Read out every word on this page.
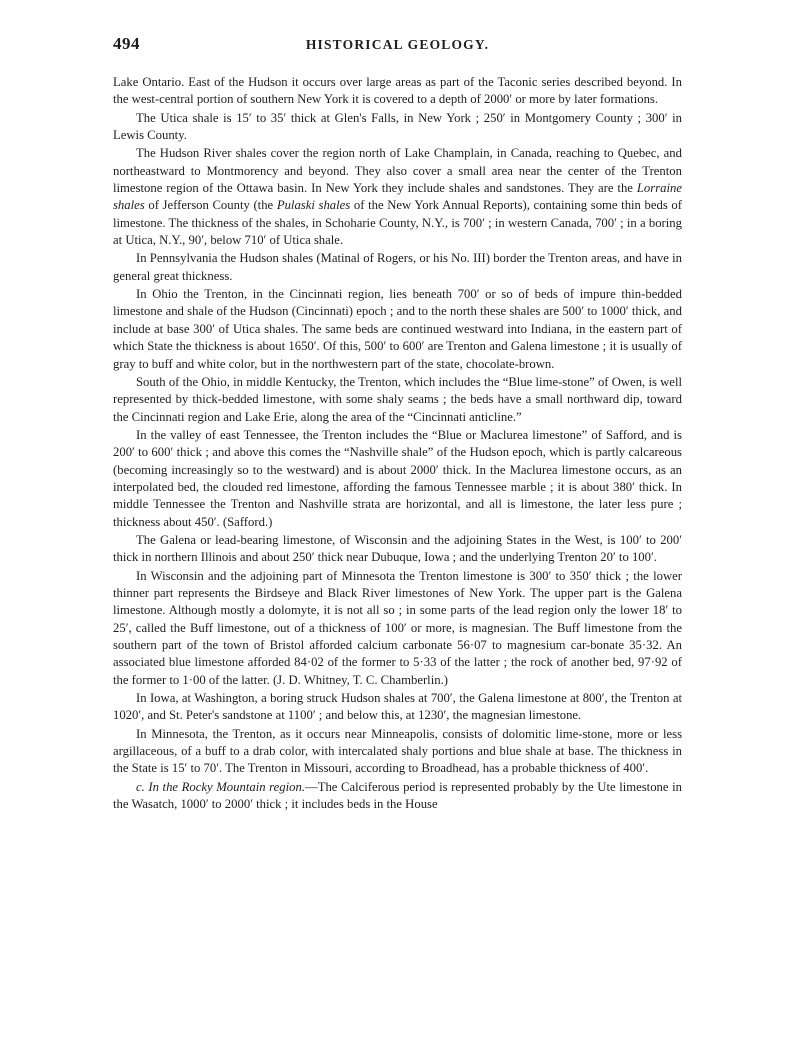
494	HISTORICAL GEOLOGY.

Lake Ontario. East of the Hudson it occurs over large areas as part of the Taconic series described beyond. In the west-central portion of southern New York it is covered to a depth of 2000′ or more by later formations.

The Utica shale is 15′ to 35′ thick at Glen's Falls, in New York ; 250′ in Montgomery County ; 300′ in Lewis County.

The Hudson River shales cover the region north of Lake Champlain, in Canada, reaching to Quebec, and northeastward to Montmorency and beyond. They also cover a small area near the center of the Trenton limestone region of the Ottawa basin. In New York they include shales and sandstones. They are the Lorraine shales of Jefferson County (the Pulaski shales of the New York Annual Reports), containing some thin beds of limestone. The thickness of the shales, in Schoharie County, N.Y., is 700′ ; in western Canada, 700′ ; in a boring at Utica, N.Y., 90′, below 710′ of Utica shale.

In Pennsylvania the Hudson shales (Matinal of Rogers, or his No. III) border the Trenton areas, and have in general great thickness.

In Ohio the Trenton, in the Cincinnati region, lies beneath 700′ or so of beds of impure thin-bedded limestone and shale of the Hudson (Cincinnati) epoch ; and to the north these shales are 500′ to 1000′ thick, and include at base 300′ of Utica shales. The same beds are continued westward into Indiana, in the eastern part of which State the thickness is about 1650′. Of this, 500′ to 600′ are Trenton and Galena limestone ; it is usually of gray to buff and white color, but in the northwestern part of the state, chocolate-brown.

South of the Ohio, in middle Kentucky, the Trenton, which includes the “Blue lime-stone” of Owen, is well represented by thick-bedded limestone, with some shaly seams ; the beds have a small northward dip, toward the Cincinnati region and Lake Erie, along the area of the “Cincinnati anticline.”

In the valley of east Tennessee, the Trenton includes the “Blue or Maclurea limestone” of Safford, and is 200′ to 600′ thick ; and above this comes the “Nashville shale” of the Hudson epoch, which is partly calcareous (becoming increasingly so to the westward) and is about 2000′ thick. In the Maclurea limestone occurs, as an interpolated bed, the clouded red limestone, affording the famous Tennessee marble ; it is about 380′ thick. In middle Tennessee the Trenton and Nashville strata are horizontal, and all is limestone, the later less pure ; thickness about 450′. (Safford.)

The Galena or lead-bearing limestone, of Wisconsin and the adjoining States in the West, is 100′ to 200′ thick in northern Illinois and about 250′ thick near Dubuque, Iowa ; and the underlying Trenton 20′ to 100′.

In Wisconsin and the adjoining part of Minnesota the Trenton limestone is 300′ to 350′ thick ; the lower thinner part represents the Birdseye and Black River limestones of New York. The upper part is the Galena limestone. Although mostly a dolomyte, it is not all so ; in some parts of the lead region only the lower 18′ to 25′, called the Buff limestone, out of a thickness of 100′ or more, is magnesian. The Buff limestone from the southern part of the town of Bristol afforded calcium carbonate 56·07 to magnesium car-bonate 35·32. An associated blue limestone afforded 84·02 of the former to 5·33 of the latter ; the rock of another bed, 97·92 of the former to 1·00 of the latter. (J. D. Whitney, T. C. Chamberlin.)

In Iowa, at Washington, a boring struck Hudson shales at 700′, the Galena limestone at 800′, the Trenton at 1020′, and St. Peter's sandstone at 1100′ ; and below this, at 1230′, the magnesian limestone.

In Minnesota, the Trenton, as it occurs near Minneapolis, consists of dolomitic lime-stone, more or less argillaceous, of a buff to a drab color, with intercalated shaly portions and blue shale at base. The thickness in the State is 15′ to 70′. The Trenton in Missouri, according to Broadhead, has a probable thickness of 400′.

c. In the Rocky Mountain region.—The Calciferous period is represented probably by the Ute limestone in the Wasatch, 1000′ to 2000′ thick ; it includes beds in the House
